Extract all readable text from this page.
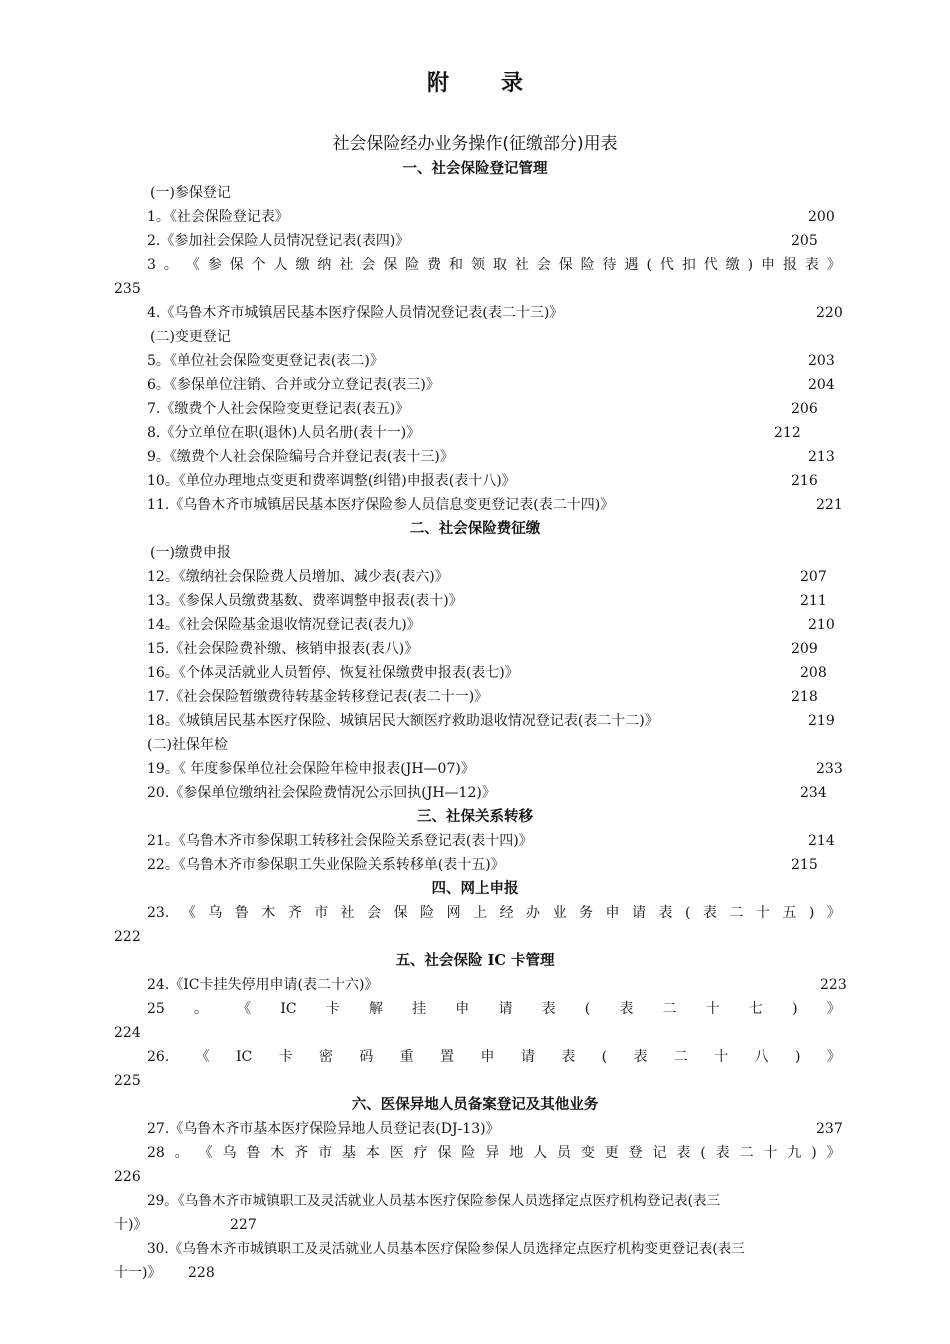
附 录
社会保险经办业务操作(征缴部分)用表
一、社会保险登记管理
(一)参保登记
1。《社会保险登记表》	200
2.《参加社会保险人员情况登记表(表四)》	205
3 。 《 参 保 个 人 缴 纳 社 会 保 险 费 和 领 取 社 会 保 险 待 遇 ( 代 扣 代 缴 ) 申 报 表 》
235
4.《乌鲁木齐市城镇居民基本医疗保险人员情况登记表(表二十三)》	220
(二)变更登记
5。《单位社会保险变更登记表(表二)》	203
6。《参保单位注销、合并或分立登记表(表三)》	204
7.《缴费个人社会保险变更登记表(表五)》	206
8.《分立单位在职(退休)人员名册(表十一)》	212
9。《缴费个人社会保险编号合并登记表(表十三)》	213
10。《单位办理地点变更和费率调整(纠错)申报表(表十八)》	216
11.《乌鲁木齐市城镇居民基本医疗保险参人员信息变更登记表(表二十四)》	221
二、社会保险费征缴
(一)缴费申报
12。《缴纳社会保险费人员增加、减少表(表六)》	207
13。《参保人员缴费基数、费率调整申报表(表十)》	211
14。《社会保险基金退收情况登记表(表九)》	210
15.《社会保险费补缴、核销申报表(表八)》	209
16。《个体灵活就业人员暂停、恢复社保缴费申报表(表七)》	208
17.《社会保险暂缴费待转基金转移登记表(表二十一)》	218
18。《城镇居民基本医疗保险、城镇居民大额医疗救助退收情况登记表(表二十二)》	219
(二)社保年检
19。《 年度参保单位社会保险年检申报表(JH—07)》	233
20.《参保单位缴纳社会保险费情况公示回执(JH—12)》	234
三、社保关系转移
21。《乌鲁木齐市参保职工转移社会保险关系登记表(表十四)》	214
22。《乌鲁木齐市参保职工失业保险关系转移单(表十五)》	215
四、网上申报
23. 《 乌 鲁 木 齐 市 社 会 保 险 网 上 经 办 业 务 申 请 表 ( 表 二 十 五 ) 》
222
五、社会保险 IC 卡管理
24.《IC卡挂失停用申请(表二十六)》	223
25 。 《 IC 卡 解 挂 申 请 表 ( 表 二 十 七 ) 》
224
26. 《 IC 卡 密 码 重 置 申 请 表 ( 表 二 十 八 ) 》
225
六、医保异地人员备案登记及其他业务
27.《乌鲁木齐市基本医疗保险异地人员登记表(DJ-13)》	237
28 。 《 乌 鲁 木 齐 市 基 本 医 疗 保 险 异 地 人 员 变 更 登 记 表 ( 表 二 十 九 ) 》
226
29。《乌鲁木齐市城镇职工及灵活就业人员基本医疗保险参保人员选择定点医疗机构登记表(表三
十)》	227
30.《乌鲁木齐市城镇职工及灵活就业人员基本医疗保险参保人员选择定点医疗机构变更登记表(表三
十一)》 228
